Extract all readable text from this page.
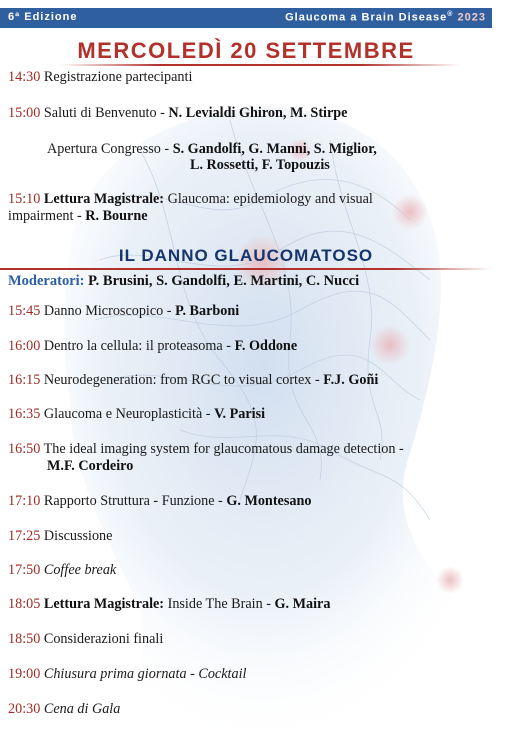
6ª Edizione	Glaucoma a Brain Disease® 2023
MERCOLEDÌ 20 SETTEMBRE
14:30 Registrazione partecipanti
15:00 Saluti di Benvenuto - N. Levialdi Ghiron, M. Stirpe
Apertura Congresso - S. Gandolfi, G. Manni, S. Miglior,
L. Rossetti, F. Topouzis
15:10 Lettura Magistrale: Glaucoma: epidemiology and visual
impairment - R. Bourne
IL DANNO GLAUCOMATOSO
Moderatori: P. Brusini, S. Gandolfi, E. Martini, C. Nucci
15:45 Danno Microscopico - P. Barboni
16:00 Dentro la cellula: il proteasoma - F. Oddone
16:15 Neurodegeneration: from RGC to visual cortex - F.J. Goñi
16:35 Glaucoma e Neuroplasticità - V. Parisi
16:50 The ideal imaging system for glaucomatous damage detection -
M.F. Cordeiro
17:10 Rapporto Struttura - Funzione - G. Montesano
17:25 Discussione
17:50 Coffee break
18:05 Lettura Magistrale: Inside The Brain - G. Maira
18:50 Considerazioni finali
19:00 Chiusura prima giornata - Cocktail
20:30 Cena di Gala
